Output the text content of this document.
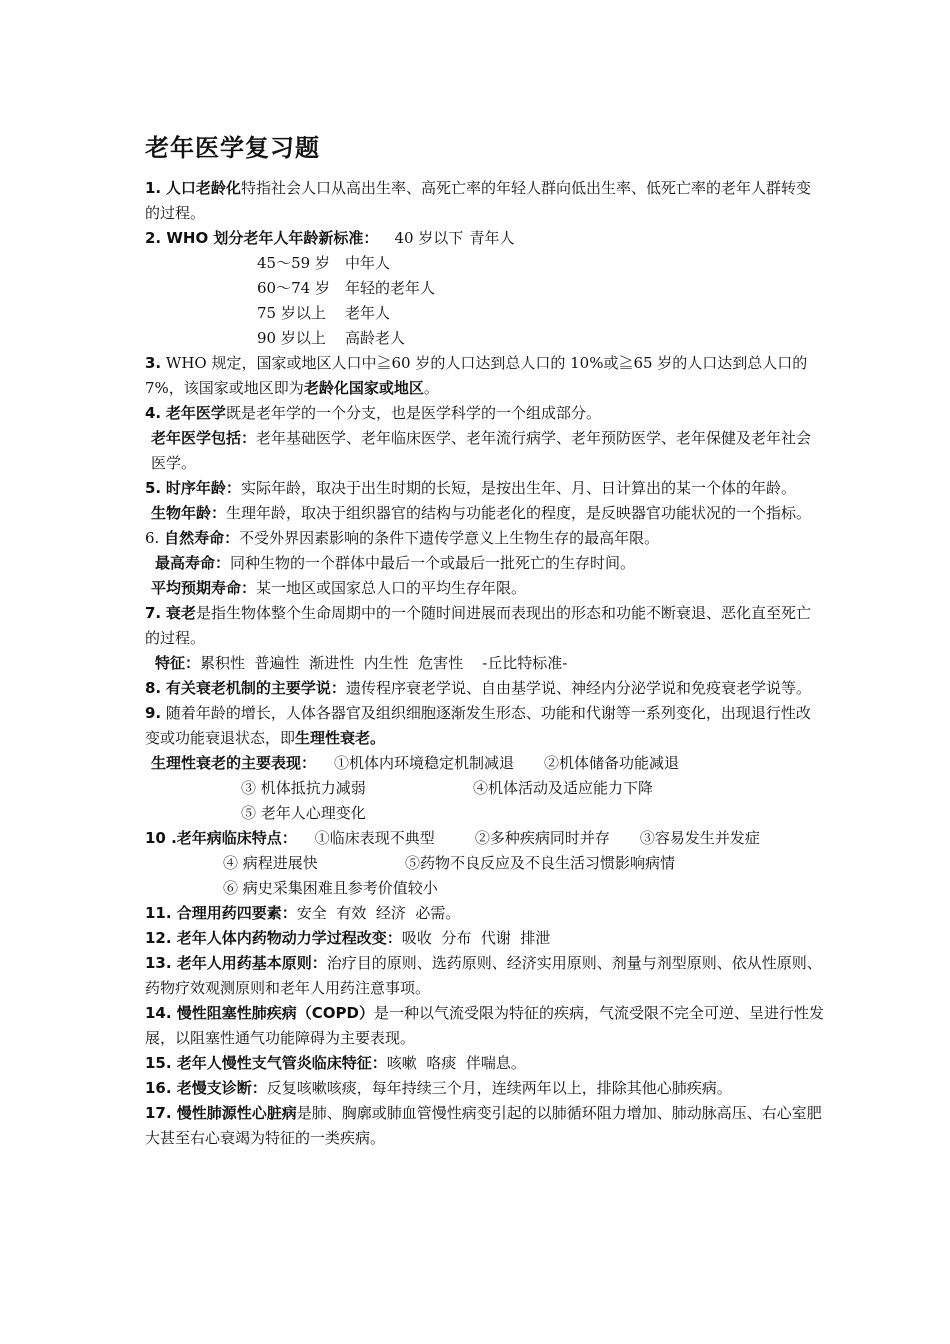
老年医学复习题

1. 人口老龄化特指社会人口从高出生率、高死亡率的年轻人群向低出生率、低死亡率的老年人群转变的过程。

2. WHO 划分老年人年龄新标准： 40 岁以下 青年人
45～59 岁	中年人
60～74 岁	年轻的老年人
75 岁以上	老年人
90 岁以上	高龄老人

3. WHO 规定，国家或地区人口中≧60 岁的人口达到总人口的 10%或≧65 岁的人口达到总人口的 7%，该国家或地区即为老龄化国家或地区。

4. 老年医学既是老年学的一个分支，也是医学科学的一个组成部分。

老年医学包括：老年基础医学、老年临床医学、老年流行病学、老年预防医学、老年保健及老年社会医学。

5. 时序年龄：实际年龄，取决于出生时期的长短，是按出生年、月、日计算出的某一个体的年龄。

生物年龄：生理年龄，取决于组织器官的结构与功能老化的程度，是反映器官功能状况的一个指标。

6. 自然寿命：不受外界因素影响的条件下遗传学意义上生物生存的最高年限。

最高寿命：同种生物的一个群体中最后一个或最后一批死亡的生存时间。

平均预期寿命：某一地区或国家总人口的平均生存年限。

7. 衰老是指生物体整个生命周期中的一个随时间进展而表现出的形态和功能不断衰退、恶化直至死亡的过程。

特征：累积性  普遍性  渐进性  内生性  危害性    -丘比特标准-

8. 有关衰老机制的主要学说：遗传程序衰老学说、自由基学说、神经内分泌学说和免疫衰老学说等。

9. 随着年龄的增长，人体各器官及组织细胞逐渐发生形态、功能和代谢等一系列变化，出现退行性改变或功能衰退状态，即生理性衰老。

生理性衰老的主要表现： ①机体内环境稳定机制减退 ②机体储备功能减退
③ 机体抵抗力减弱	④机体活动及适应能力下降
⑤ 老年人心理变化
10 .老年病临床特点： ①临床表现不典型	②多种疾病同时并存 ③容易发生并发症
④ 病程进展快	⑤药物不良反应及不良生活习惯影响病情
⑥ 病史采集困难且参考价值较小

11. 合理用药四要素：安全  有效  经济  必需。

12. 老年人体内药物动力学过程改变：吸收  分布  代谢  排泄

13. 老年人用药基本原则：治疗目的原则、选药原则、经济实用原则、剂量与剂型原则、依从性原则、药物疗效观测原则和老年人用药注意事项。

14. 慢性阻塞性肺疾病（COPD）是一种以气流受限为特征的疾病，气流受限不完全可逆、呈进行性发展，以阻塞性通气功能障碍为主要表现。

15. 老年人慢性支气管炎临床特征：咳嗽  咯痰  伴喘息。

16. 老慢支诊断：反复咳嗽咳痰，每年持续三个月，连续两年以上，排除其他心肺疾病。

17. 慢性肺源性心脏病是肺、胸廓或肺血管慢性病变引起的以肺循环阻力增加、肺动脉高压、右心室肥大甚至右心衰竭为特征的一类疾病。
